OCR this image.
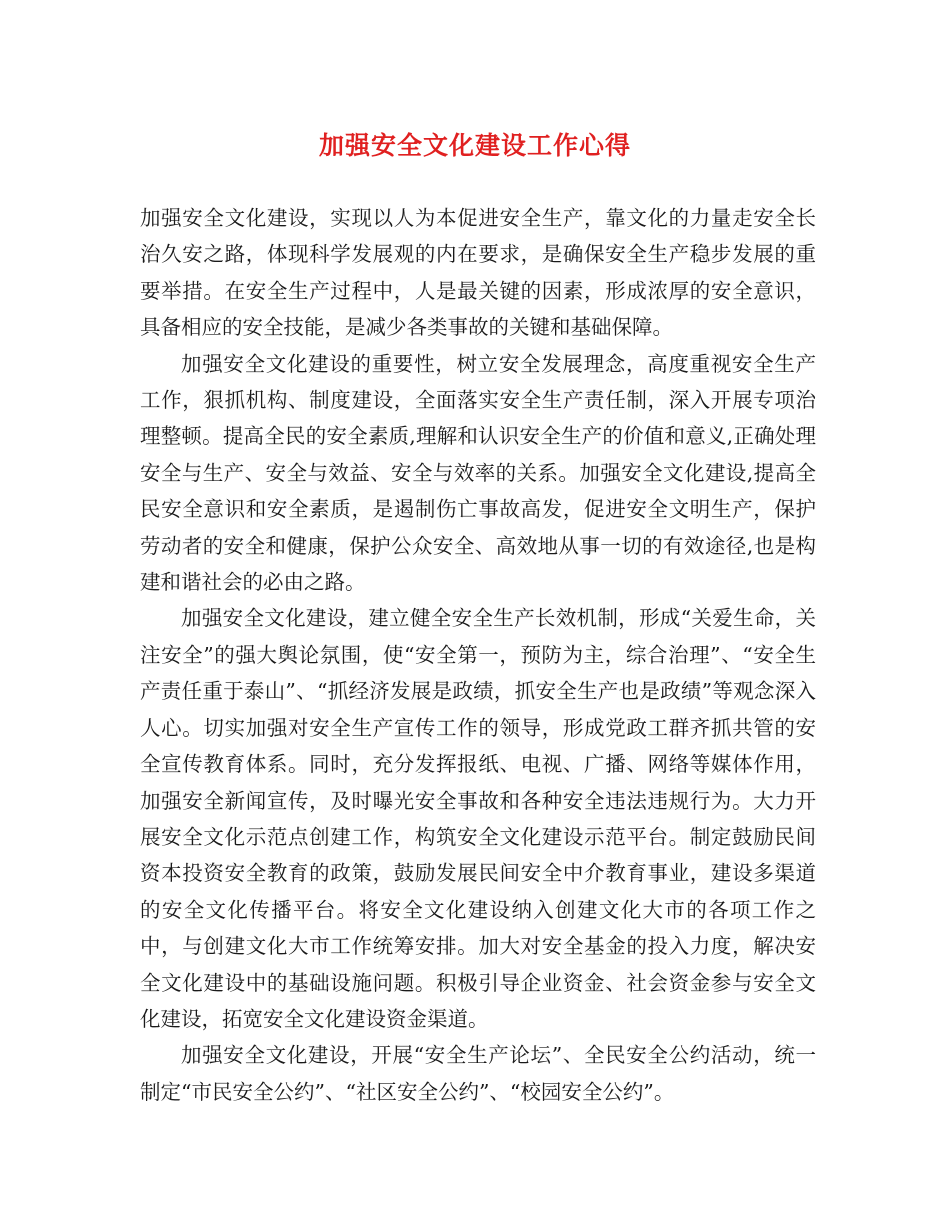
加强安全文化建设工作心得

加强安全文化建设，实现以人为本促进安全生产，靠文化的力量走安全长治久安之路，体现科学发展观的内在要求，是确保安全生产稳步发展的重要举措。在安全生产过程中，人是最关键的因素，形成浓厚的安全意识，具备相应的安全技能，是减少各类事故的关键和基础保障。

加强安全文化建设的重要性，树立安全发展理念，高度重视安全生产工作，狠抓机构、制度建设，全面落实安全生产责任制，深入开展专项治理整顿。提高全民的安全素质,理解和认识安全生产的价值和意义,正确处理安全与生产、安全与效益、安全与效率的关系。加强安全文化建设,提高全民安全意识和安全素质，是遏制伤亡事故高发，促进安全文明生产，保护劳动者的安全和健康，保护公众安全、高效地从事一切的有效途径,也是构建和谐社会的必由之路。

加强安全文化建设，建立健全安全生产长效机制，形成“关爱生命，关注安全”的强大舆论氛围，使“安全第一，预防为主，综合治理”、“安全生产责任重于泰山”、“抓经济发展是政绩，抓安全生产也是政绩”等观念深入人心。切实加强对安全生产宣传工作的领导，形成党政工群齐抓共管的安全宣传教育体系。同时，充分发挥报纸、电视、广播、网络等媒体作用，加强安全新闻宣传，及时曝光安全事故和各种安全违法违规行为。大力开展安全文化示范点创建工作，构筑安全文化建设示范平台。制定鼓励民间资本投资安全教育的政策，鼓励发展民间安全中介教育事业，建设多渠道的安全文化传播平台。将安全文化建设纳入创建文化大市的各项工作之中，与创建文化大市工作统筹安排。加大对安全基金的投入力度，解决安全文化建设中的基础设施问题。积极引导企业资金、社会资金参与安全文化建设，拓宽安全文化建设资金渠道。

加强安全文化建设，开展“安全生产论坛”、全民安全公约活动，统一制定“市民安全公约”、“社区安全公约”、“校园安全公约”。
